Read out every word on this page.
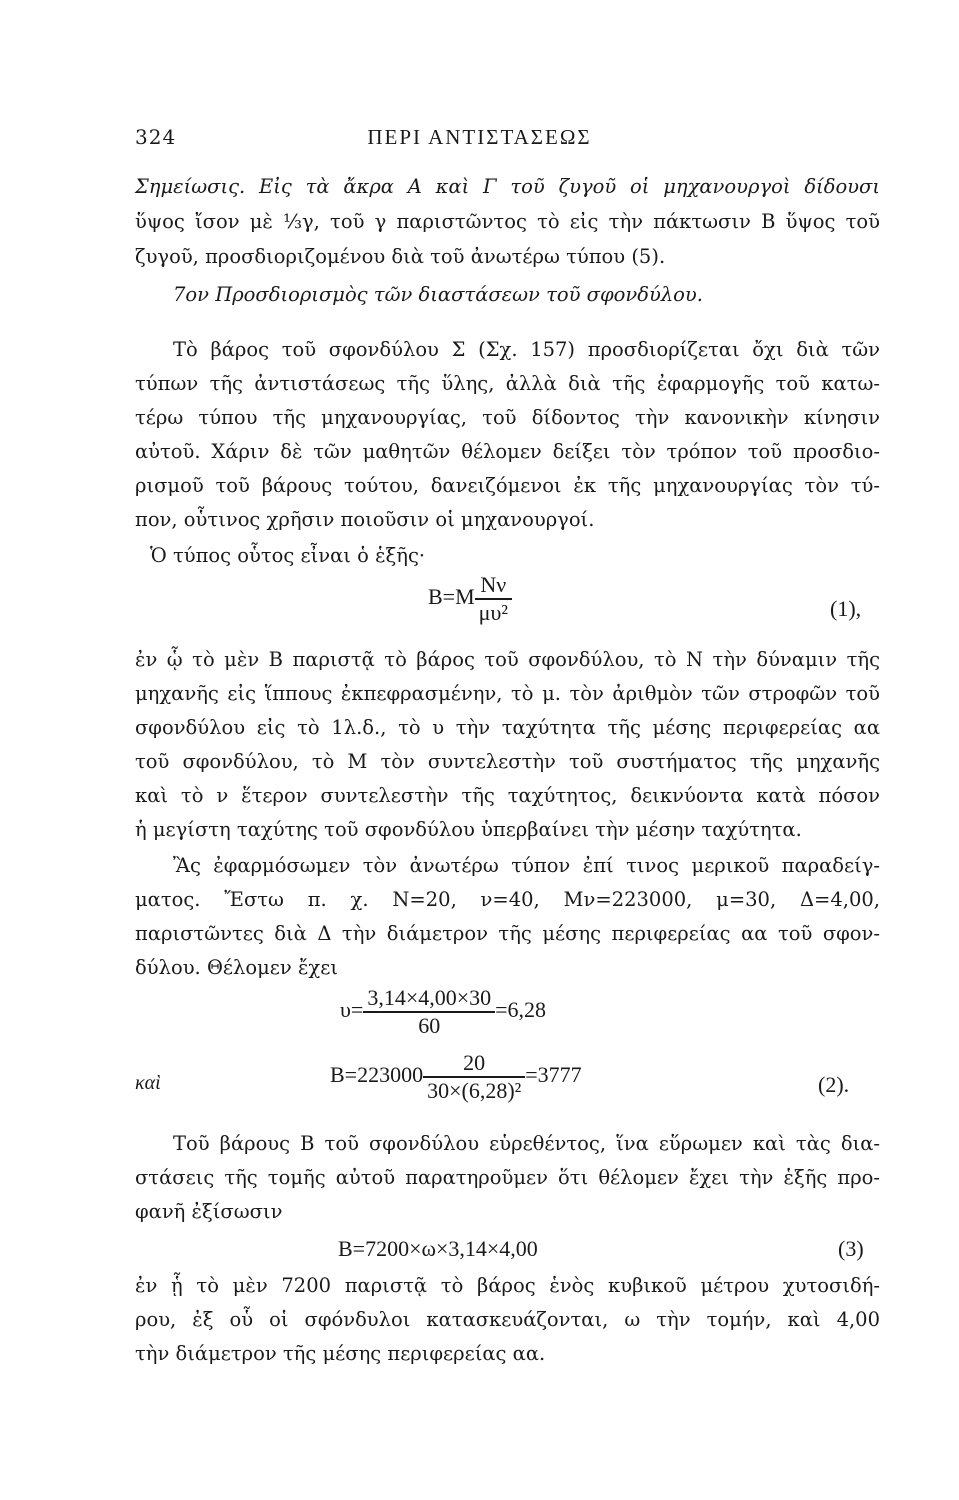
324	ΠΕΡΙ ΑΝΤΙΣΤΑΣΕΩΣ
Σημείωσις. Εἰς τὰ ἄκρα Α καὶ Γ τοῦ ζυγοῦ οἱ μηχανουργοὶ δίδουσι
ὕψος ἴσον μὲ ⅓γ, τοῦ γ παριστῶντος τὸ εἰς τὴν πάκτωσιν Β ὕψος τοῦ
ζυγοῦ, προσδιοριζομένου διὰ τοῦ ἀνωτέρω τύπου (5).
7ον Προσδιορισμὸς τῶν διαστάσεων τοῦ σφονδύλου.
Τὸ βάρος τοῦ σφονδύλου Σ (Σχ. 157) προσδιορίζεται ὄχι διὰ τῶν
τύπων τῆς ἀντιστάσεως τῆς ὕλης, ἀλλὰ διὰ τῆς ἐφαρμογῆς τοῦ κατω-
τέρω τύπου τῆς μηχανουργίας, τοῦ δίδοντος τὴν κανονικὴν κίνησιν
αὐτοῦ. Χάριν δὲ τῶν μαθητῶν θέλομεν δείξει τὸν τρόπον τοῦ προσδιο-
ρισμοῦ τοῦ βάρους τούτου, δανειζόμενοι ἐκ τῆς μηχανουργίας τὸν τύ-
πον, οὗτινος χρῆσιν ποιοῦσιν οἱ μηχανουργοί.
Ὁ τύπος οὗτος εἶναι ὁ ἑξῆς·
$B=M \frac{N\nu}{\text{μυ²}}$	(1),
ἐν ᾧ τὸ μὲν Β παριστᾷ τὸ βάρος τοῦ σφονδύλου, τὸ Ν τὴν δύναμιν τῆς
μηχανῆς εἰς ἵππους ἐκπεφρασμένην, τὸ μ. τὸν ἀριθμὸν τῶν στροφῶν τοῦ
σφονδύλου εἰς τὸ 1λ.δ., τὸ υ τὴν ταχύτητα τῆς μέσης περιφερείας αα
τοῦ σφονδύλου, τὸ Μ τὸν συντελεστὴν τοῦ συστήματος τῆς μηχανῆς
καὶ τὸ ν ἕτερον συντελεστὴν τῆς ταχύτητος, δεικνύοντα κατὰ πόσον
ἡ μεγίστη ταχύτης τοῦ σφονδύλου ὑπερβαίνει τὴν μέσην ταχύτητα.
Ἂς ἐφαρμόσωμεν τὸν ἀνωτέρω τύπον ἐπί τινος μερικοῦ παραδείγ-
ματος. Ἔστω π. χ. Ν=20, ν=40, Μν=223000, μ=30, Δ=4,00,
παριστῶντες διὰ Δ τὴν διάμετρον τῆς μέσης περιφερείας αα τοῦ σφον-
δύλου. Θέλομεν ἔχει
$\upsilon= \frac{3,14\times 4,00\times 30}{60} =6,28$
καὶ	$B=223000 \frac{20}{\text{30×(6,28)²}} =3777$	(2).
Τοῦ βάρους Β τοῦ σφονδύλου εὑρεθέντος, ἵνα εὕρωμεν καὶ τὰς δια-
στάσεις τῆς τομῆς αὐτοῦ παρατηροῦμεν ὅτι θέλομεν ἔχει τὴν ἑξῆς προ-
φανῆ ἐξίσωσιν
Β=7200×ω×3,14×4,00	(3)
ἐν ᾗ τὸ μὲν 7200 παριστᾷ τὸ βάρος ἑνὸς κυβικοῦ μέτρου χυτοσιδή-
ρου, ἐξ οὗ οἱ σφόνδυλοι κατασκευάζονται, ω τὴν τομήν, καὶ 4,00
τὴν διάμετρον τῆς μέσης περιφερείας αα.
